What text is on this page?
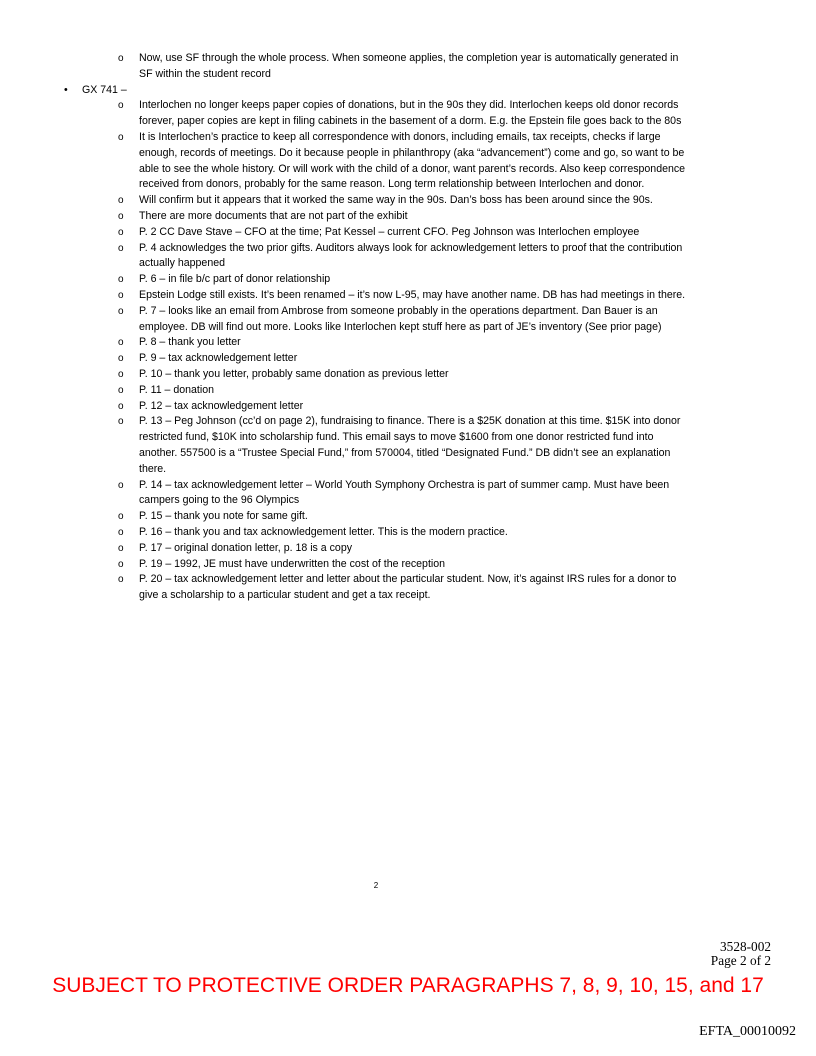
o Now, use SF through the whole process. When someone applies, the completion year is automatically generated in SF within the student record
• GX 741 –
o Interlochen no longer keeps paper copies of donations, but in the 90s they did. Interlochen keeps old donor records forever, paper copies are kept in filing cabinets in the basement of a dorm. E.g. the Epstein file goes back to the 80s
o It is Interlochen’s practice to keep all correspondence with donors, including emails, tax receipts, checks if large enough, records of meetings. Do it because people in philanthropy (aka “advancement”) come and go, so want to be able to see the whole history. Or will work with the child of a donor, want parent’s records. Also keep correspondence received from donors, probably for the same reason. Long term relationship between Interlochen and donor.
o Will confirm but it appears that it worked the same way in the 90s. Dan’s boss has been around since the 90s.
o There are more documents that are not part of the exhibit
o P. 2 CC Dave Stave – CFO at the time; Pat Kessel – current CFO. Peg Johnson was Interlochen employee
o P. 4 acknowledges the two prior gifts. Auditors always look for acknowledgement letters to proof that the contribution actually happened
o P. 6 – in file b/c part of donor relationship
o Epstein Lodge still exists. It’s been renamed – it’s now L-95, may have another name. DB has had meetings in there.
o P. 7 – looks like an email from Ambrose from someone probably in the operations department. Dan Bauer is an employee. DB will find out more. Looks like Interlochen kept stuff here as part of JE’s inventory (See prior page)
o P. 8 – thank you letter
o P. 9 – tax acknowledgement letter
o P. 10 – thank you letter, probably same donation as previous letter
o P. 11 – donation
o P. 12 – tax acknowledgement letter
o P. 13 – Peg Johnson (cc’d on page 2), fundraising to finance. There is a $25K donation at this time. $15K into donor restricted fund, $10K into scholarship fund. This email says to move $1600 from one donor restricted fund into another. 557500 is a “Trustee Special Fund,” from 570004, titled “Designated Fund.” DB didn’t see an explanation there.
o P. 14 – tax acknowledgement letter – World Youth Symphony Orchestra is part of summer camp. Must have been campers going to the 96 Olympics
o P. 15 – thank you note for same gift.
o P. 16 – thank you and tax acknowledgement letter. This is the modern practice.
o P. 17 – original donation letter, p. 18 is a copy
o P. 19 – 1992, JE must have underwritten the cost of the reception
o P. 20 – tax acknowledgement letter and letter about the particular student. Now, it’s against IRS rules for a donor to give a scholarship to a particular student and get a tax receipt.
2
3528-002
Page 2 of 2
SUBJECT TO PROTECTIVE ORDER PARAGRAPHS 7, 8, 9, 10, 15, and 17
EFTA_00010092
